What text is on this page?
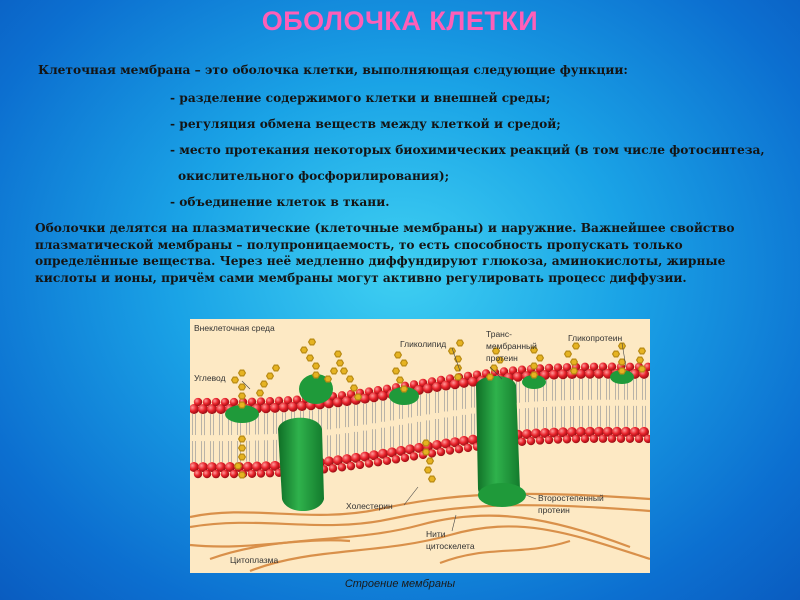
ОБОЛОЧКА КЛЕТКИ
Клеточная мембрана – это оболочка клетки, выполняющая следующие функции:
- разделение содержимого клетки и внешней среды;
- регуляция обмена веществ между клеткой и средой;
- место протекания некоторых биохимических реакций (в том числе фотосинтеза,
окислительного фосфорилирования);
- объединение клеток в ткани.
Оболочки делятся на плазматические (клеточные мембраны) и наружние. Важнейшее свойство плазматической мембраны – полупроницаемость, то есть способность пропускать только определённые вещества. Через неё медленно диффундируют глюкоза, аминокислоты, жирные кислоты и ионы, причём сами мембраны могут активно регулировать процесс диффузии.
Внеклеточная среда
Углевод
Гликолипид
Транс-
мембранный
протеин
Гликопротеин
Холестерин
Второстепенный
протеин
Нити
цитоскелета
Цитоплазма
Строение мембраны
